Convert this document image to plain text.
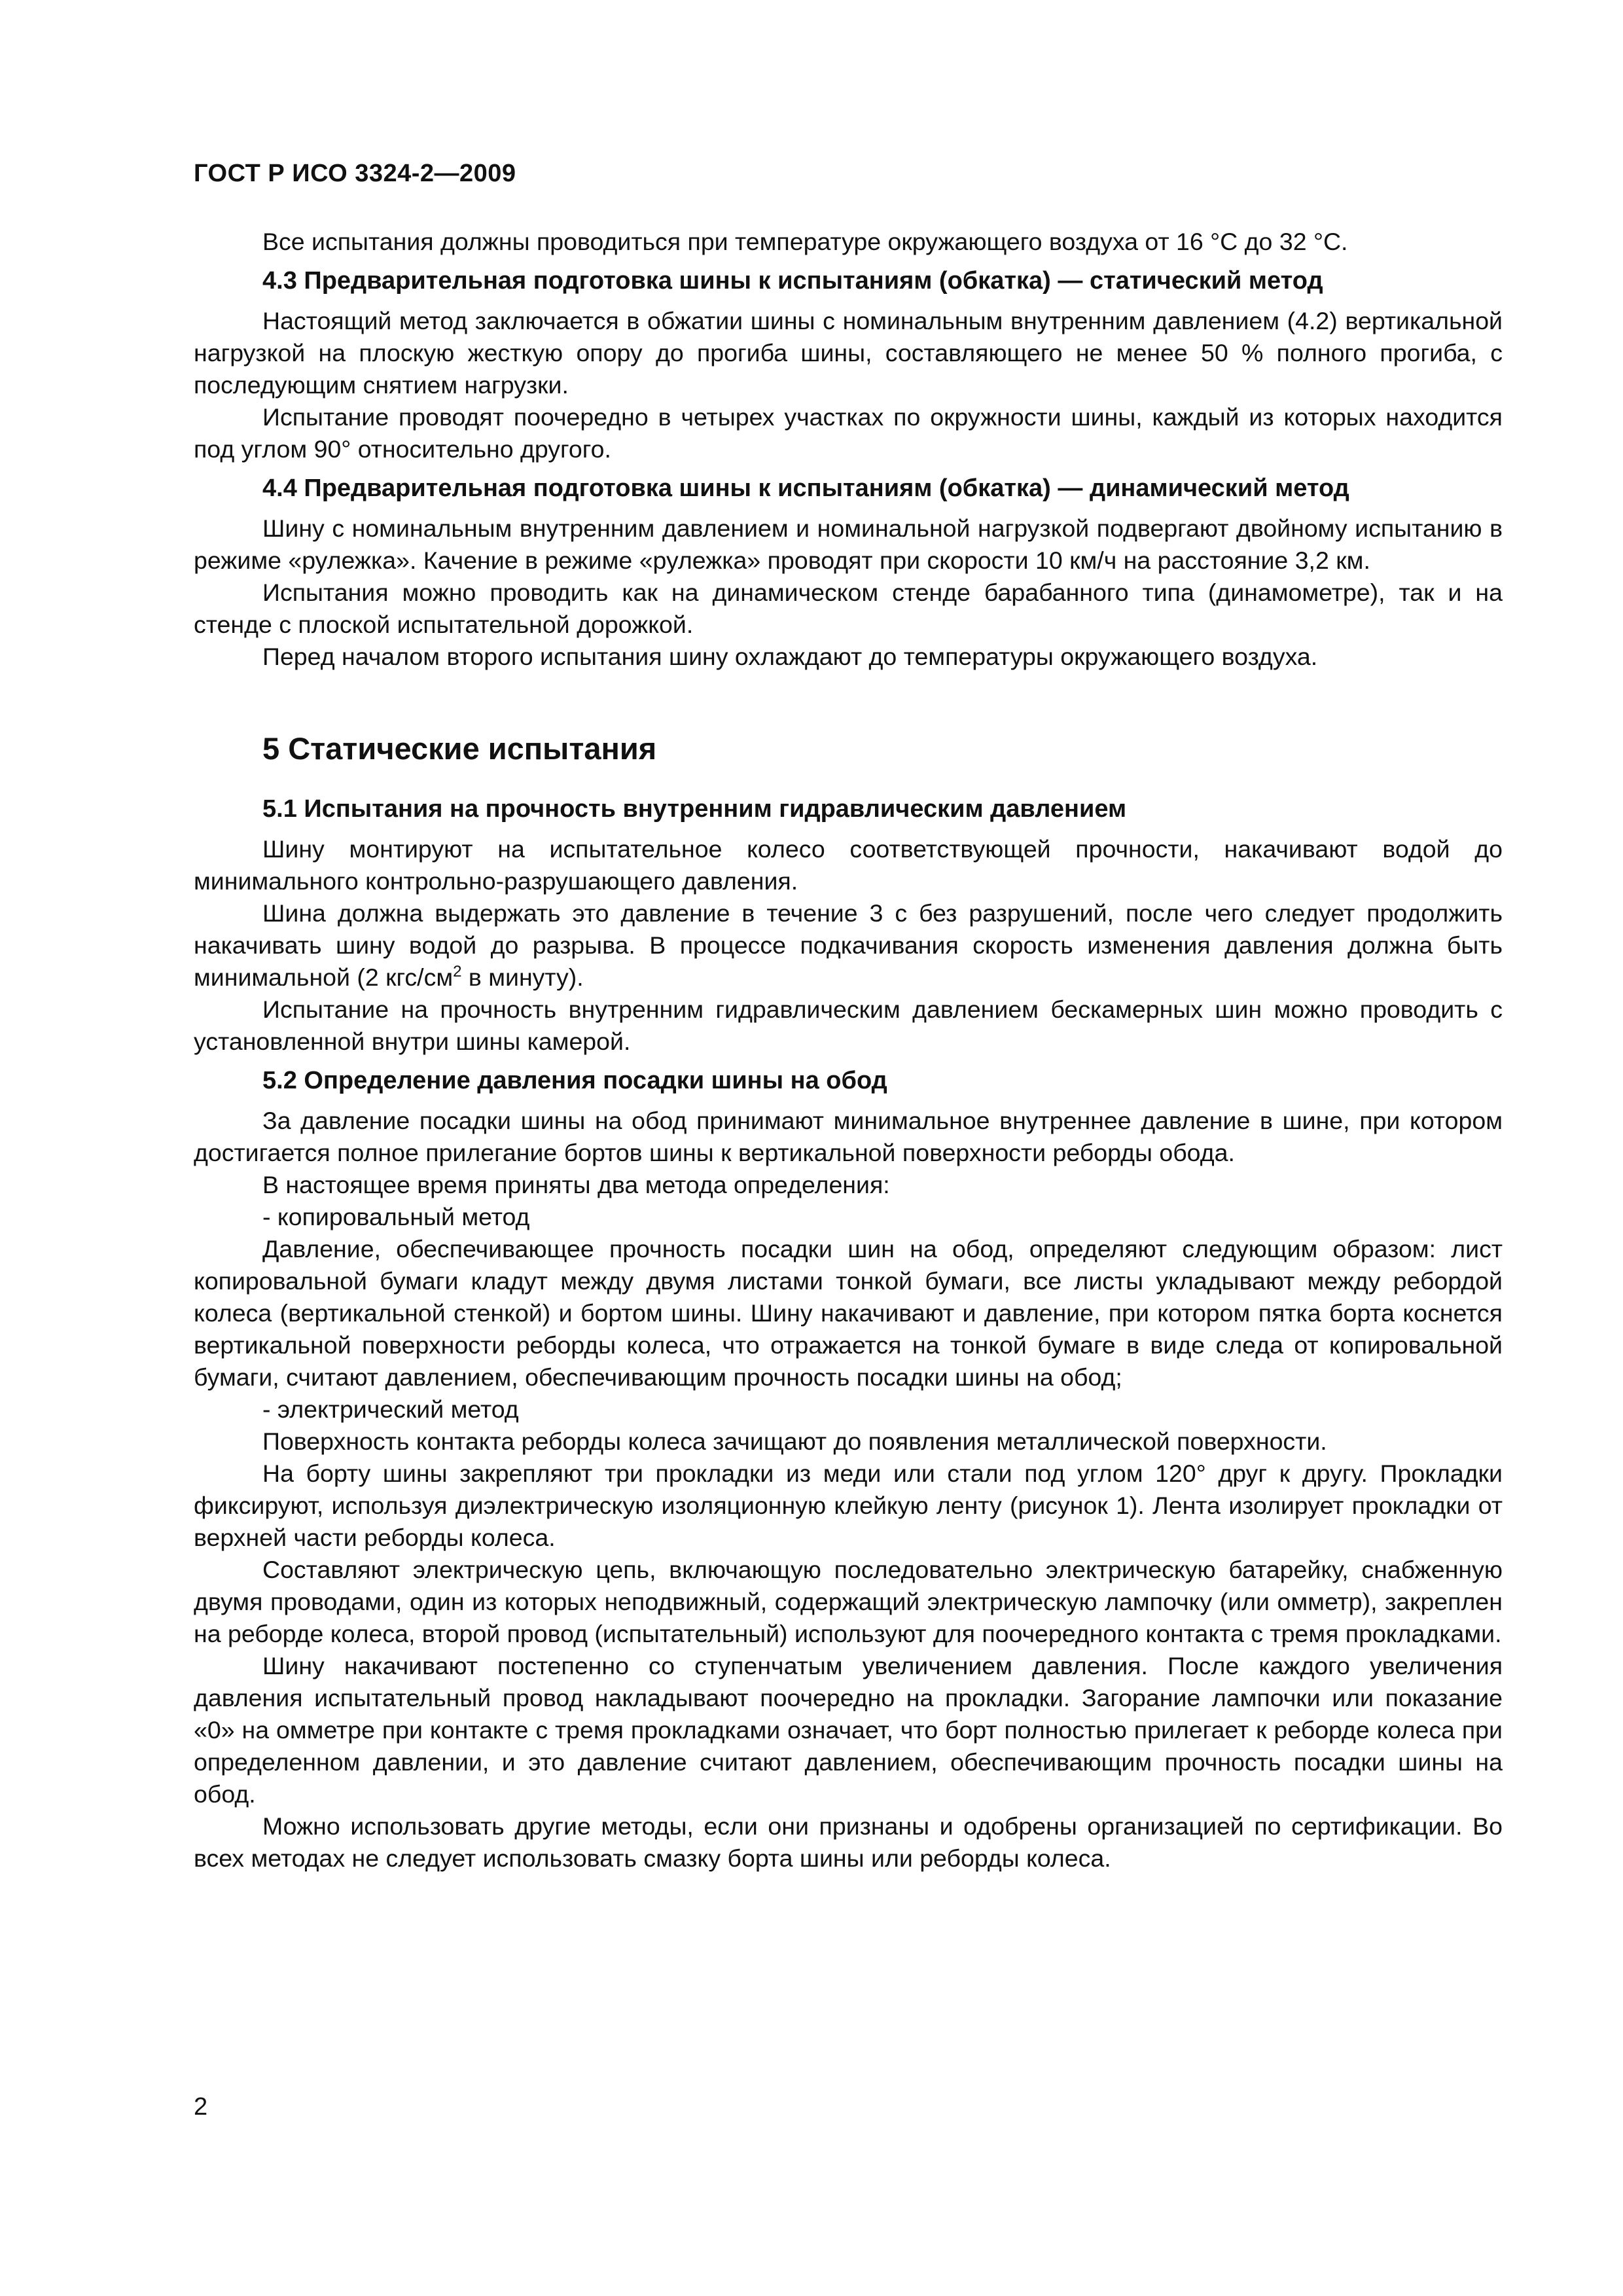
ГОСТ Р ИСО 3324-2—2009

Все испытания должны проводиться при температуре окружающего воздуха от 16 °С до 32 °С.

4.3 Предварительная подготовка шины к испытаниям (обкатка) — статический метод

Настоящий метод заключается в обжатии шины с номинальным внутренним давлением (4.2) вертикальной нагрузкой на плоскую жесткую опору до прогиба шины, составляющего не менее 50 % полного прогиба, с последующим снятием нагрузки.

Испытание проводят поочередно в четырех участках по окружности шины, каждый из которых находится под углом 90° относительно другого.

4.4 Предварительная подготовка шины к испытаниям (обкатка) — динамический метод

Шину с номинальным внутренним давлением и номинальной нагрузкой подвергают двойному испытанию в режиме «рулежка». Качение в режиме «рулежка» проводят при скорости 10 км/ч на расстояние 3,2 км.

Испытания можно проводить как на динамическом стенде барабанного типа (динамометре), так и на стенде с плоской испытательной дорожкой.

Перед началом второго испытания шину охлаждают до температуры окружающего воздуха.

5 Статические испытания
5.1 Испытания на прочность внутренним гидравлическим давлением

Шину монтируют на испытательное колесо соответствующей прочности, накачивают водой до минимального контрольно-разрушающего давления.

Шина должна выдержать это давление в течение 3 с без разрушений, после чего следует продолжить накачивать шину водой до разрыва. В процессе подкачивания скорость изменения давления должна быть минимальной (2 кгс/$см^2$ в минуту).

Испытание на прочность внутренним гидравлическим давлением бескамерных шин можно проводить с установленной внутри шины камерой.

5.2 Определение давления посадки шины на обод

За давление посадки шины на обод принимают минимальное внутреннее давление в шине, при котором достигается полное прилегание бортов шины к вертикальной поверхности реборды обода.

В настоящее время приняты два метода определения:

- копировальный метод

Давление, обеспечивающее прочность посадки шин на обод, определяют следующим образом: лист копировальной бумаги кладут между двумя листами тонкой бумаги, все листы укладывают между ребордой колеса (вертикальной стенкой) и бортом шины. Шину накачивают и давление, при котором пятка борта коснется вертикальной поверхности реборды колеса, что отражается на тонкой бумаге в виде следа от копировальной бумаги, считают давлением, обеспечивающим прочность посадки шины на обод;

- электрический метод

Поверхность контакта реборды колеса зачищают до появления металлической поверхности.

На борту шины закрепляют три прокладки из меди или стали под углом 120° друг к другу. Прокладки фиксируют, используя диэлектрическую изоляционную клейкую ленту (рисунок 1). Лента изолирует прокладки от верхней части реборды колеса.

Составляют электрическую цепь, включающую последовательно электрическую батарейку, снабженную двумя проводами, один из которых неподвижный, содержащий электрическую лампочку (или омметр), закреплен на реборде колеса, второй провод (испытательный) используют для поочередного контакта с тремя прокладками.

Шину накачивают постепенно со ступенчатым увеличением давления. После каждого увеличения давления испытательный провод накладывают поочередно на прокладки. Загорание лампочки или показание «0» на омметре при контакте с тремя прокладками означает, что борт полностью прилегает к реборде колеса при определенном давлении, и это давление считают давлением, обеспечивающим прочность посадки шины на обод.

Можно использовать другие методы, если они признаны и одобрены организацией по сертификации. Во всех методах не следует использовать смазку борта шины или реборды колеса.

2
